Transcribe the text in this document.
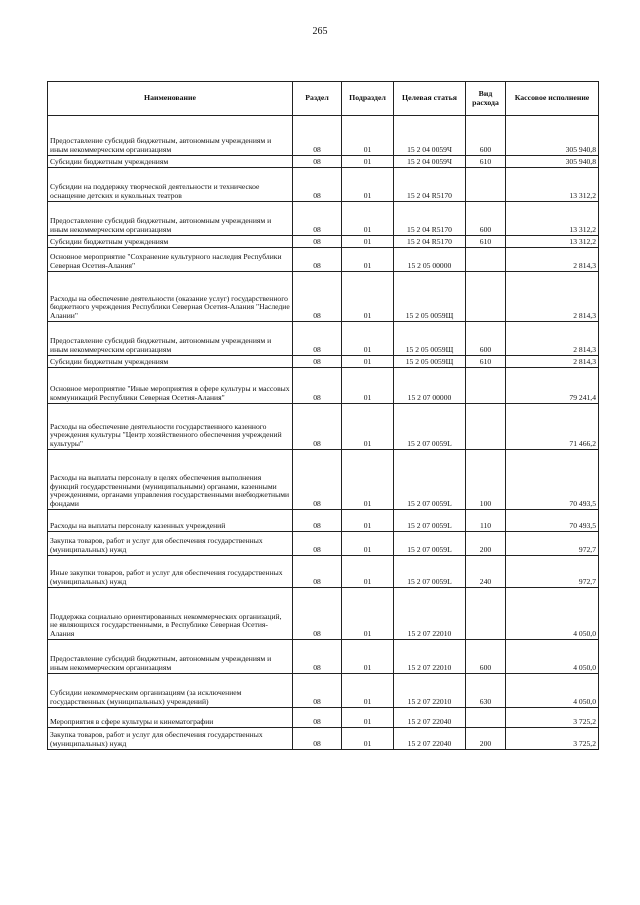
265
Наименование	Раздел	Подраздел	Целевая статья	Вид расхода	Кассовое исполнение
Предоставление субсидий бюджетным, автономным учреждениям и иным некоммерческим организациям	08	01	15 2 04 0059Ч	600	305 940,8
Субсидии бюджетным учреждениям	08	01	15 2 04 0059Ч	610	305 940,8
Субсидии на поддержку творческой деятельности и техническое оснащение детских и кукольных театров	08	01	15 2 04 R5170		13 312,2
Предоставление субсидий бюджетным, автономным учреждениям и иным некоммерческим организациям	08	01	15 2 04 R5170	600	13 312,2
Субсидии бюджетным учреждениям	08	01	15 2 04 R5170	610	13 312,2
Основное мероприятие "Сохранение культурного наследия Республики Северная Осетия-Алания"	08	01	15 2 05 00000		2 814,3
Расходы на обеспечение деятельности (оказание услуг) государственного бюджетного учреждения Республики Северная Осетия-Алания "Наследие Алании"	08	01	15 2 05 0059Щ		2 814,3
Предоставление субсидий бюджетным, автономным учреждениям и иным некоммерческим организациям	08	01	15 2 05 0059Щ	600	2 814,3
Субсидии бюджетным учреждениям	08	01	15 2 05 0059Щ	610	2 814,3
Основное мероприятие "Иные мероприятия в сфере культуры и массовых коммуникаций Республики Северная Осетия-Алания"	08	01	15 2 07 00000		79 241,4
Расходы на обеспечение деятельности государственного казенного учреждения культуры "Центр хозяйственного обеспечения учреждений культуры"	08	01	15 2 07 0059L		71 466,2
Расходы на выплаты персоналу в целях обеспечения выполнения функций государственными (муниципальными) органами, казенными учреждениями, органами управления государственными внебюджетными фондами	08	01	15 2 07 0059L	100	70 493,5
Расходы на выплаты персоналу казенных учреждений	08	01	15 2 07 0059L	110	70 493,5
Закупка товаров, работ и услуг для обеспечения государственных (муниципальных) нужд	08	01	15 2 07 0059L	200	972,7
Иные закупки товаров, работ и услуг для обеспечения государственных (муниципальных) нужд	08	01	15 2 07 0059L	240	972,7
Поддержка социально ориентированных некоммерческих организаций, не являющихся государственными, в Республике Северная Осетия-Алания	08	01	15 2 07 22010		4 050,0
Предоставление субсидий бюджетным, автономным учреждениям и иным некоммерческим организациям	08	01	15 2 07 22010	600	4 050,0
Субсидии некоммерческим организациям (за исключением государственных (муниципальных) учреждений)	08	01	15 2 07 22010	630	4 050,0
Мероприятия в сфере культуры и кинематографии	08	01	15 2 07 22040		3 725,2
Закупка товаров, работ и услуг для обеспечения государственных (муниципальных) нужд	08	01	15 2 07 22040	200	3 725,2
